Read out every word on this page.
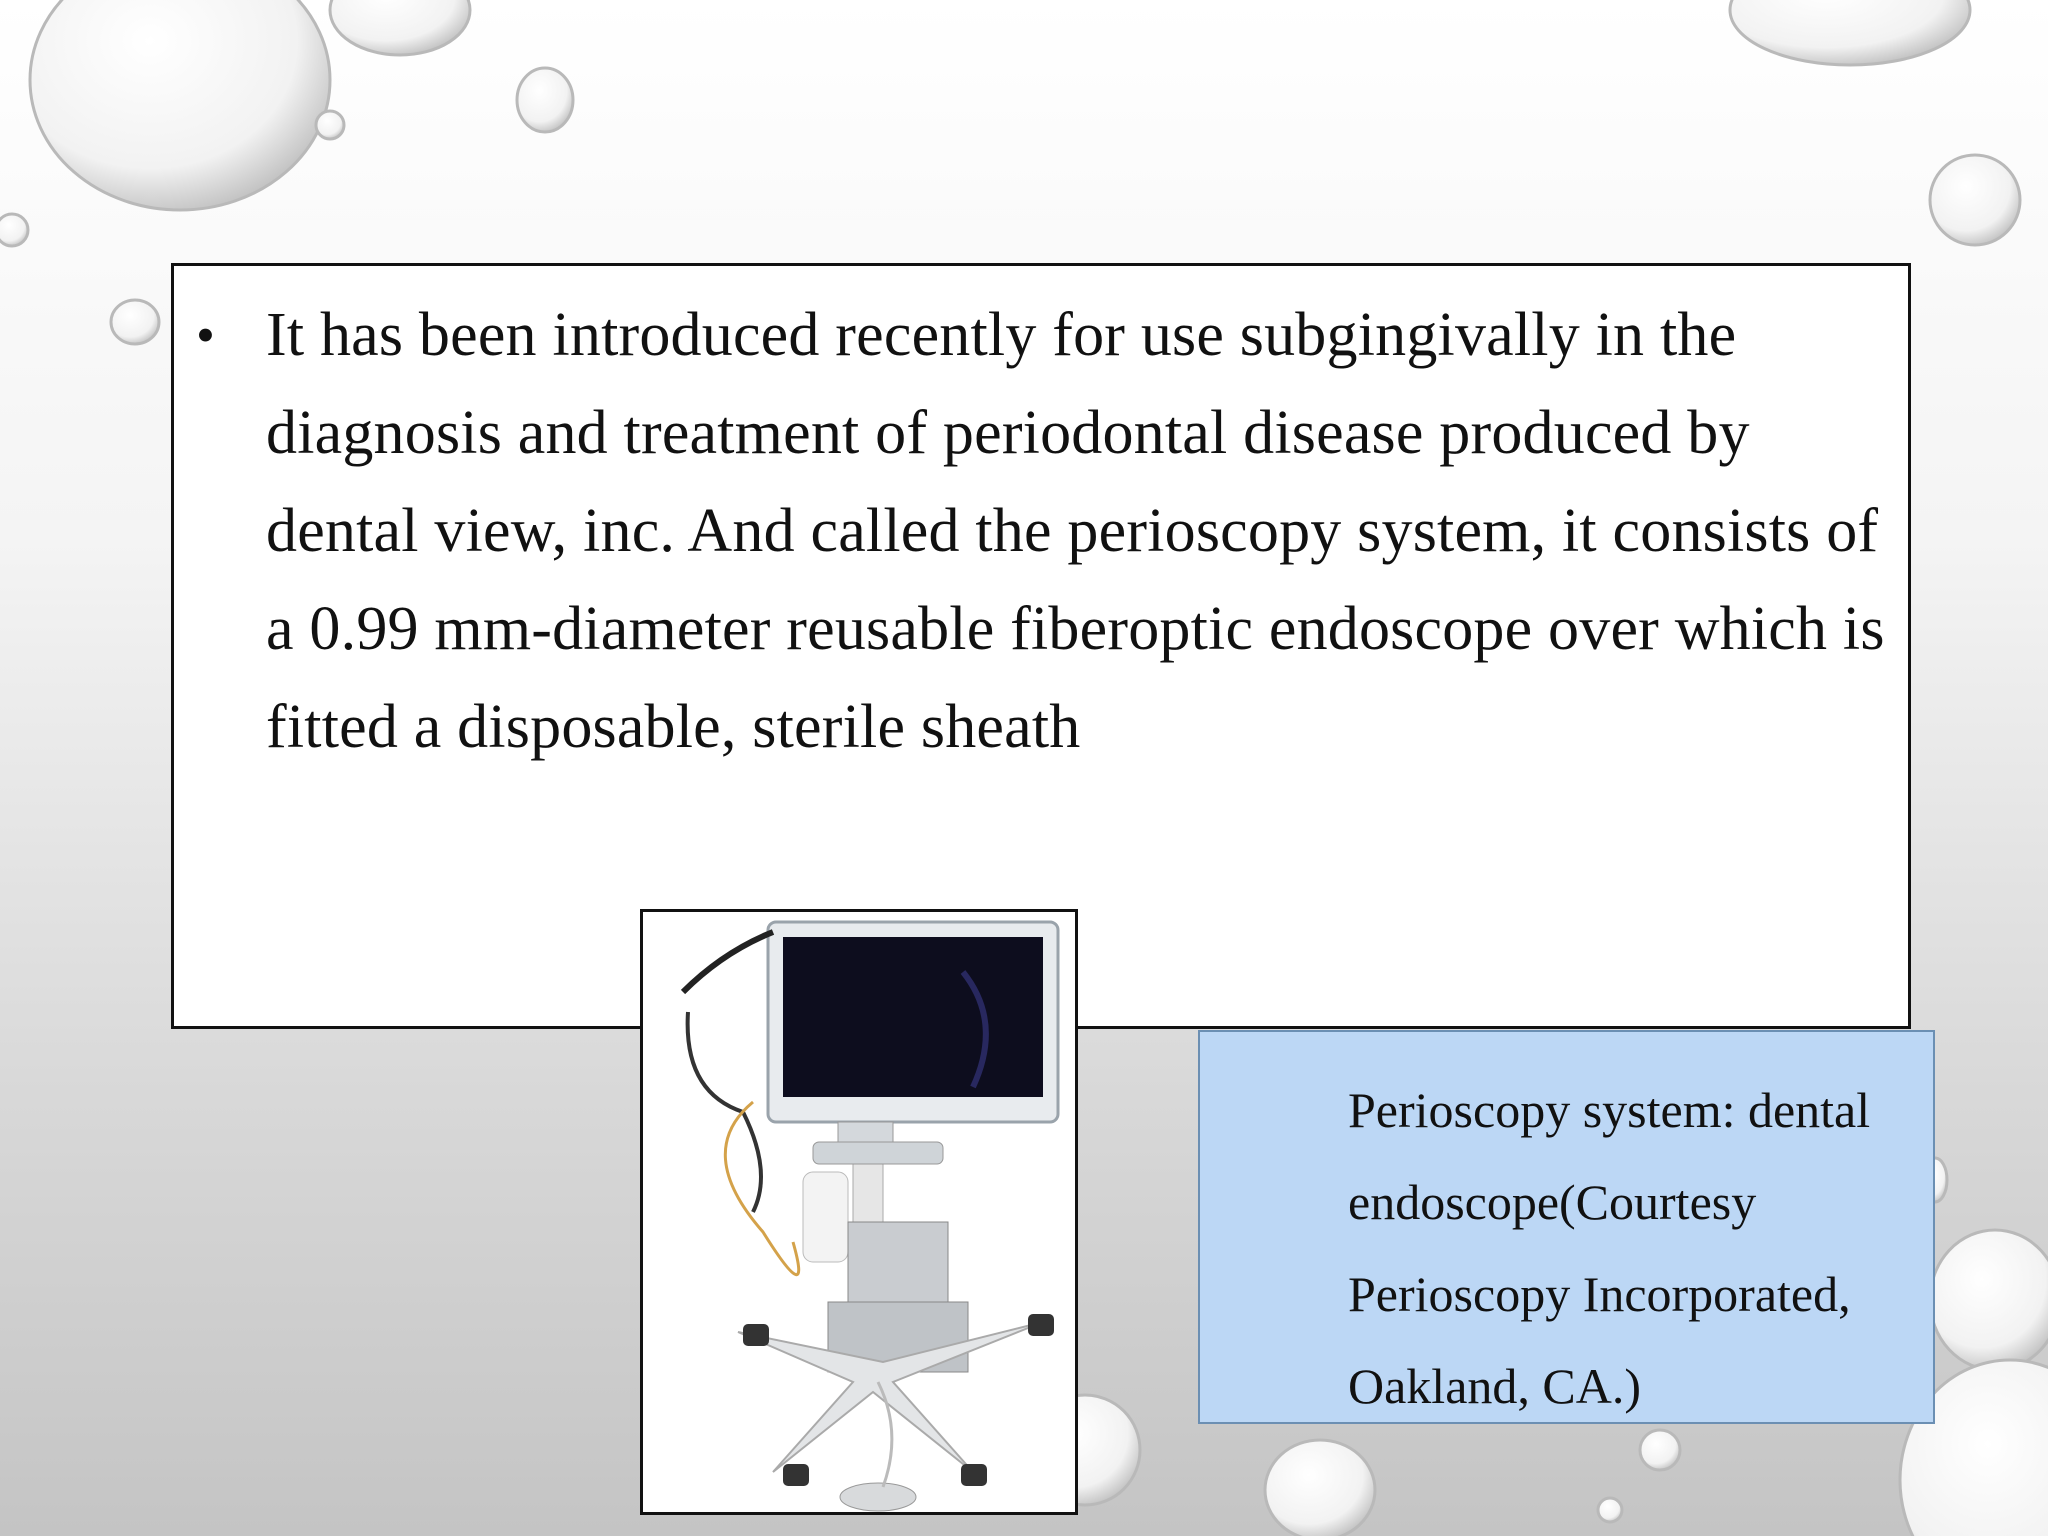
• It has been introduced recently for use subgingivally in the diagnosis and treatment of periodontal disease produced by dental view, inc. And called the perioscopy system, it consists of a 0.99 mm-diameter reusable fiberoptic endoscope over which is fitted a disposable, sterile sheath
Perioscopy system: dental endoscope(Courtesy Perioscopy Incorporated, Oakland, CA.)
